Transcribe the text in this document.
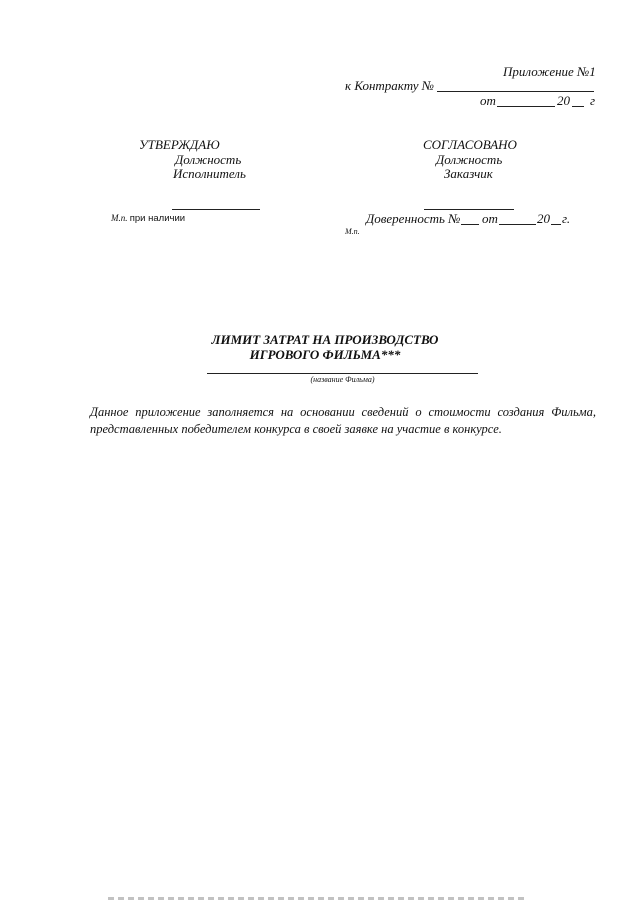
Приложение №1
к Контракту №
от	20 г
УТВЕРЖДАЮ
Должность
Исполнитель
М.п. при наличии
СОГЛАСОВАНО
Должность
Заказчик
Доверенность № от	20 г.
М.п.
ЛИМИТ ЗАТРАТ НА ПРОИЗВОДСТВО
ИГРОВОГО ФИЛЬМА***
(название Фильма)
Данное приложение заполняется на основании сведений о стоимости создания Фильма, представленных победителем конкурса в своей заявке на участие в конкурсе.
